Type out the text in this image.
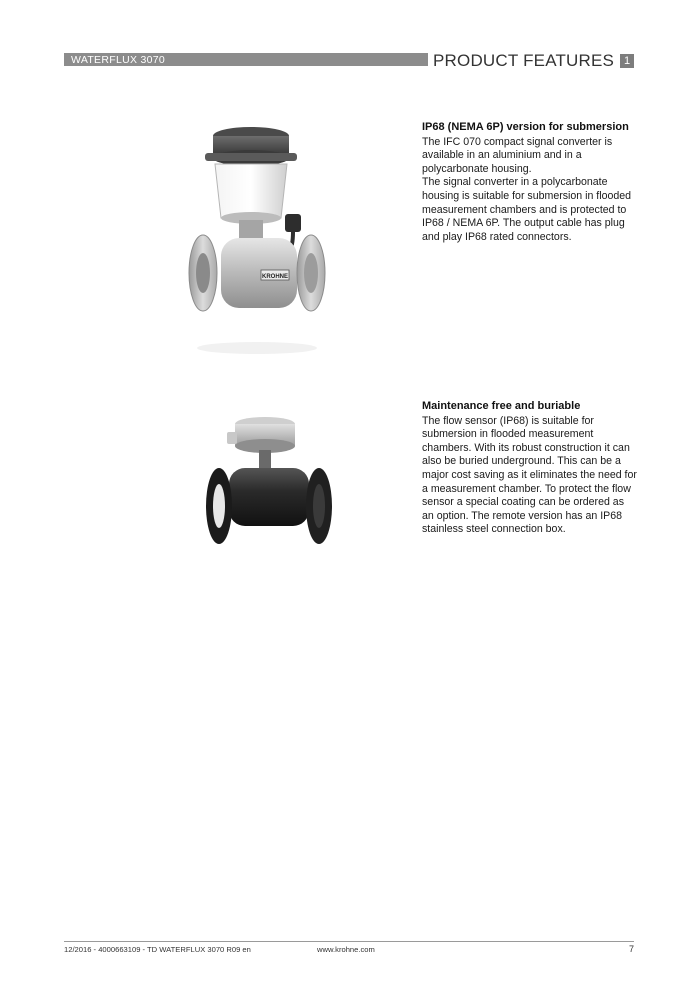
WATERFLUX 3070	PRODUCT FEATURES 1
KROHNE
IP68 (NEMA 6P) version for submersion

The IFC 070 compact signal converter is available in an aluminium and in a polycarbonate housing.

The signal converter in a polycarbonate housing is suitable for submersion in flooded measurement chambers and is protected to IP68 / NEMA 6P. The output cable has plug and play IP68 rated connectors.

Maintenance free and buriable

The flow sensor (IP68) is suitable for submersion in flooded measurement chambers. With its robust construction it can also be buried underground. This can be a major cost saving as it eliminates the need for a measurement chamber. To protect the flow sensor a special coating can be ordered as an option. The remote version has an IP68 stainless steel connection box.

12/2016 - 4000663109 - TD WATERFLUX 3070 R09 en	www.krohne.com	7
